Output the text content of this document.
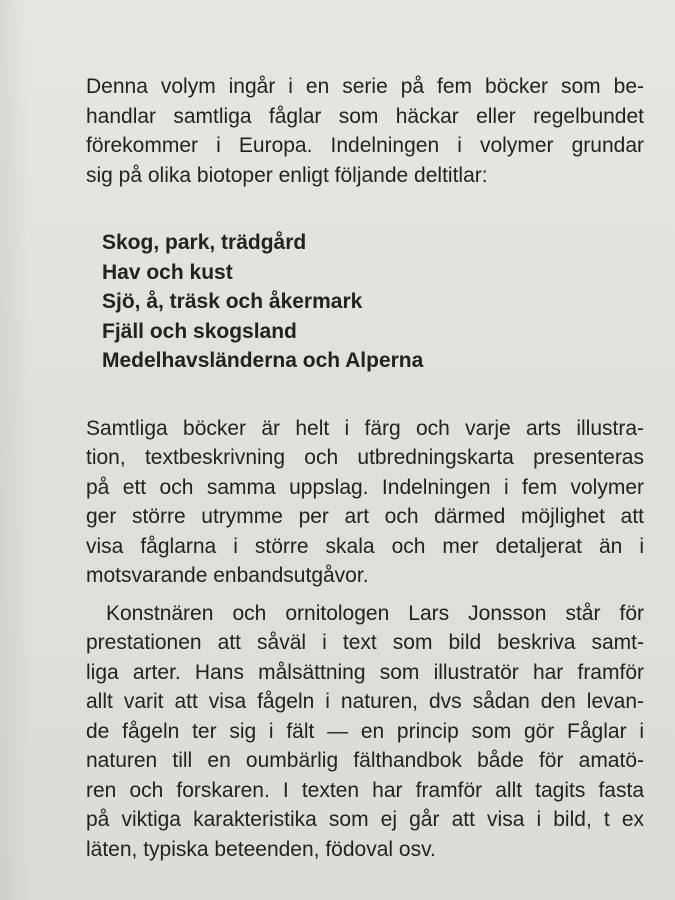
Denna volym ingår i en serie på fem böcker som be-
handlar samtliga fåglar som häckar eller regelbundet
förekommer i Europa. Indelningen i volymer grundar
sig på olika biotoper enligt följande deltitlar:
Skog, park, trädgård
Hav och kust
Sjö, å, träsk och åkermark
Fjäll och skogsland
Medelhavsländerna och Alperna
Samtliga böcker är helt i färg och varje arts illustra-
tion, textbeskrivning och utbredningskarta presenteras
på ett och samma uppslag. Indelningen i fem volymer
ger större utrymme per art och därmed möjlighet att
visa fåglarna i större skala och mer detaljerat än i
motsvarande enbandsutgåvor.
Konstnären och ornitologen Lars Jonsson står för
prestationen att såväl i text som bild beskriva samt-
liga arter. Hans målsättning som illustratör har framför
allt varit att visa fågeln i naturen, dvs sådan den levan-
de fågeln ter sig i fält — en princip som gör Fåglar i
naturen till en oumbärlig fälthandbok både för amatö-
ren och forskaren. I texten har framför allt tagits fasta
på viktiga karakteristika som ej går att visa i bild, t ex
läten, typiska beteenden, födoval osv.
